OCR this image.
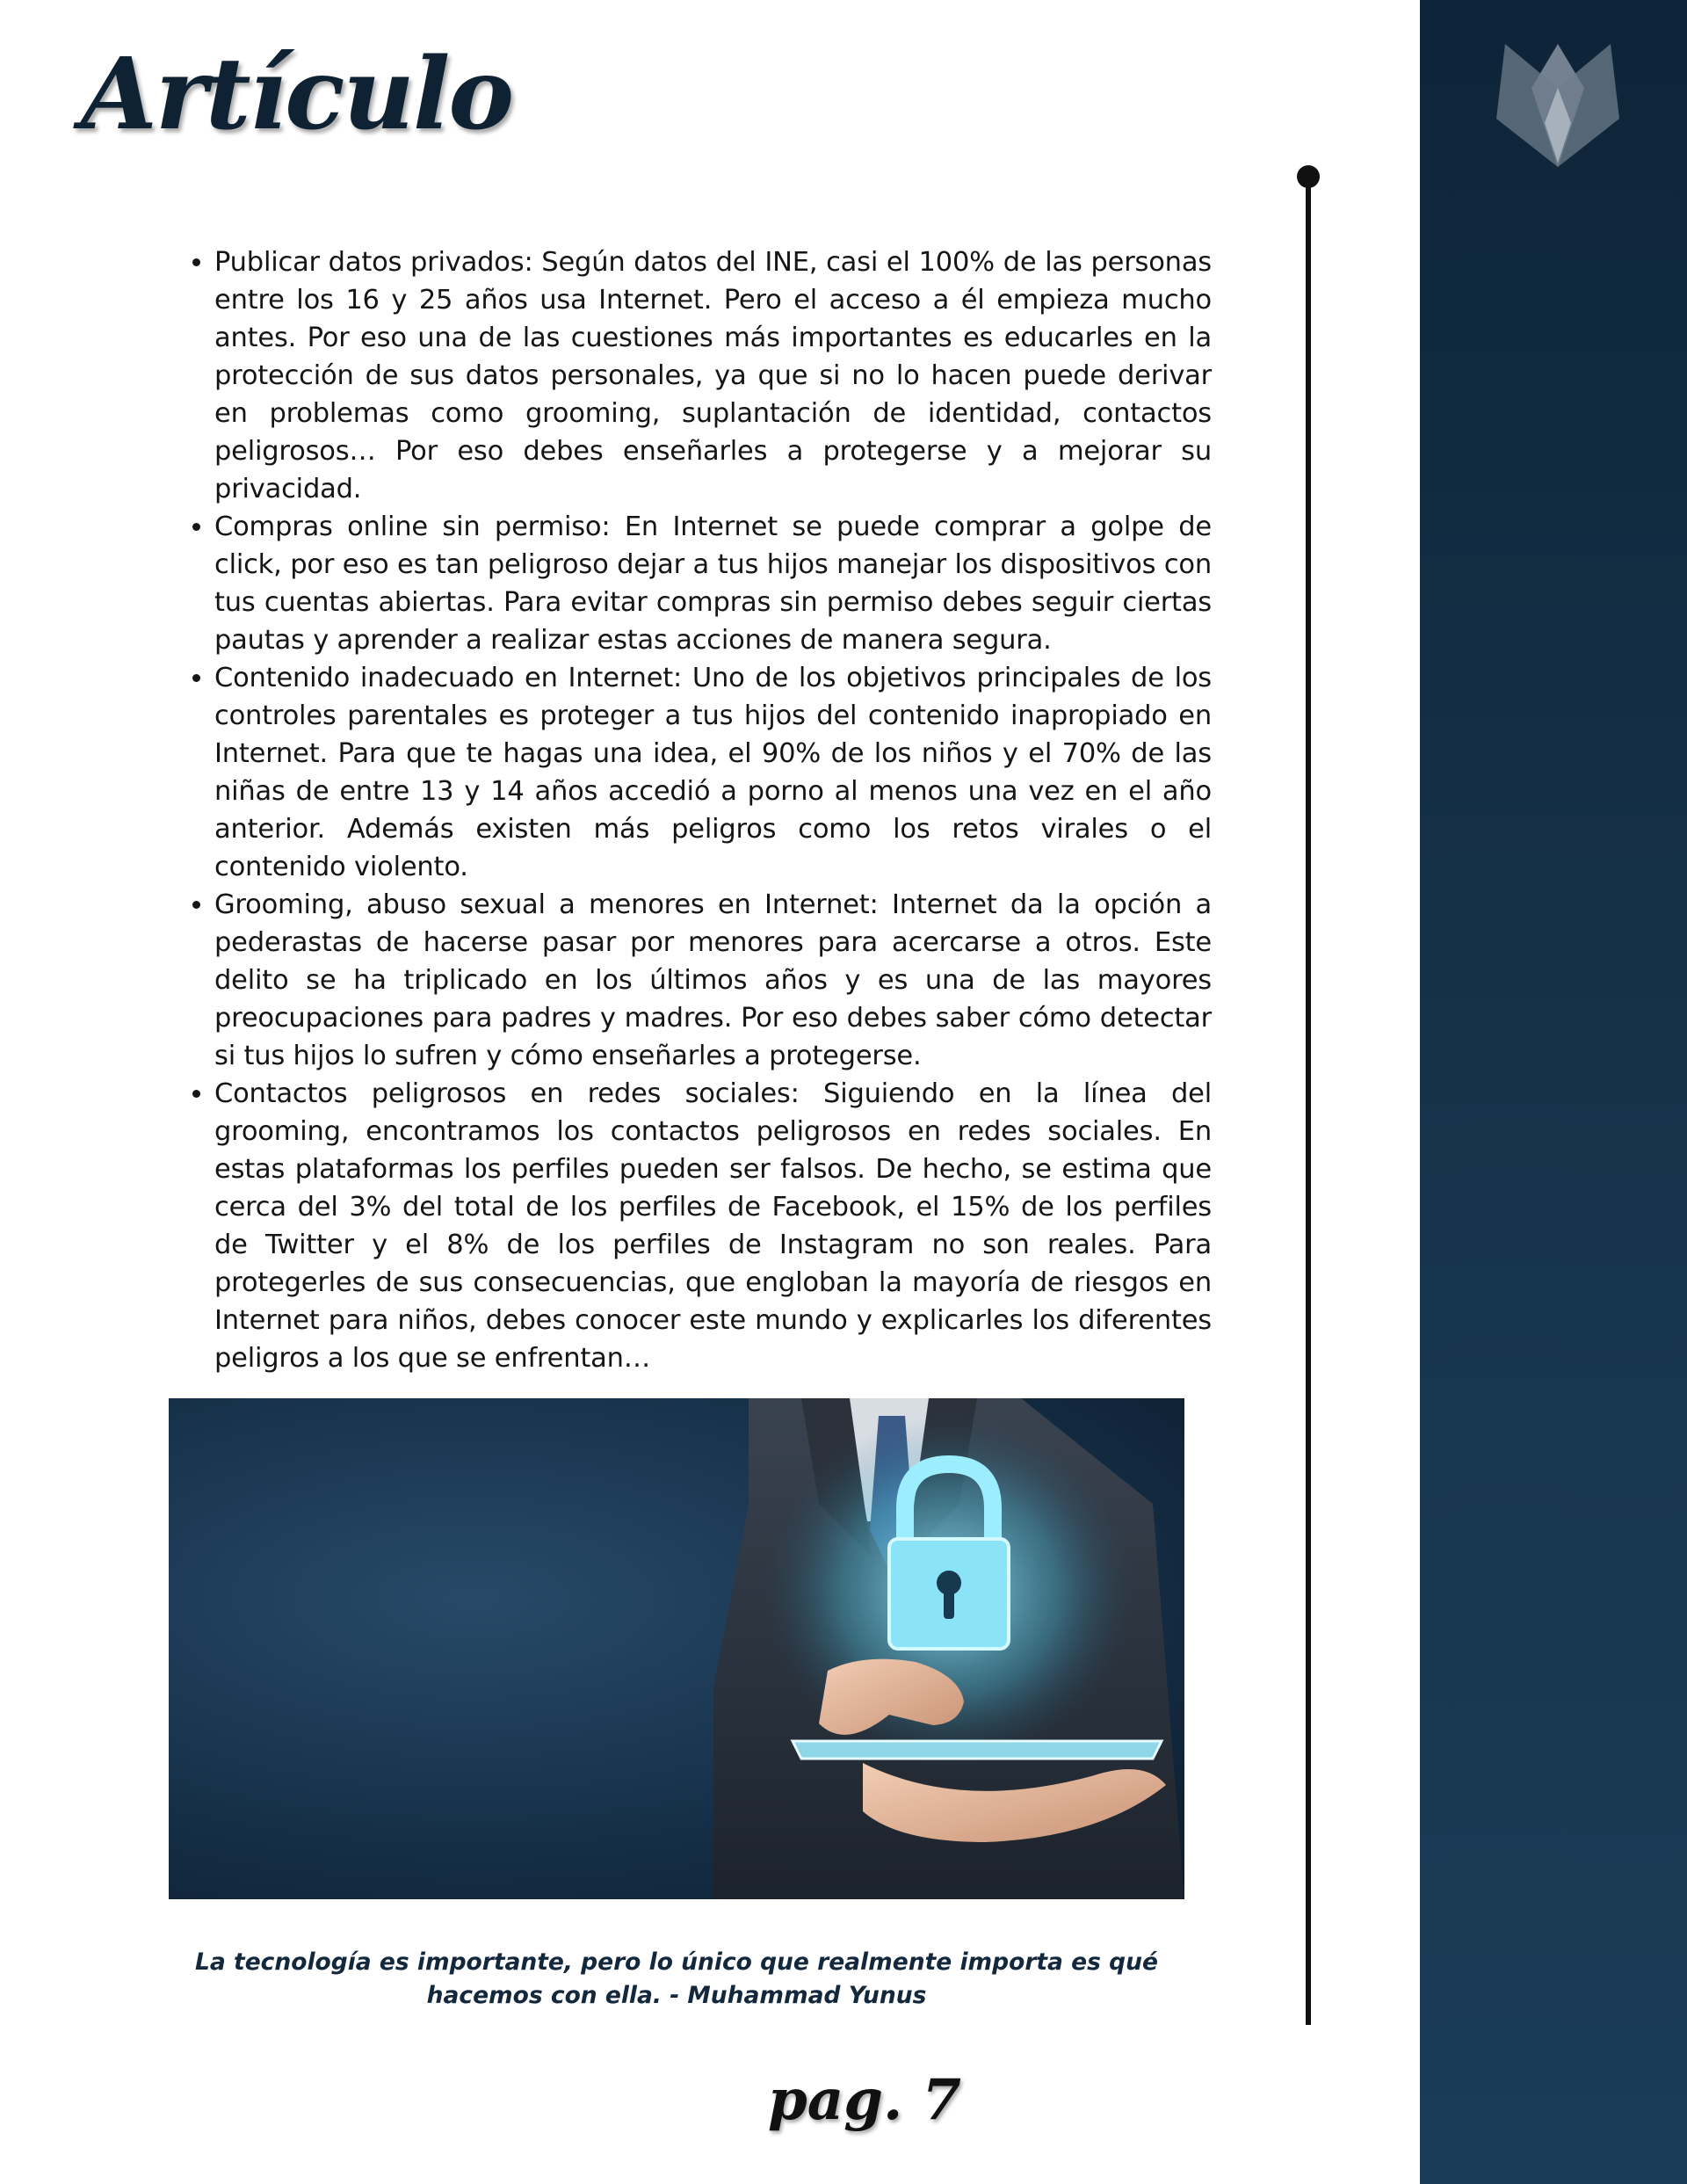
Artículo
• Publicar datos privados: Según datos del INE, casi el 100% de las personas entre los 16 y 25 años usa Internet. Pero el acceso a él empieza mucho antes. Por eso una de las cuestiones más importantes es educarles en la protección de sus datos personales, ya que si no lo hacen puede derivar en problemas como grooming, suplantación de identidad, contactos peligrosos… Por eso debes enseñarles a protegerse y a mejorar su privacidad.
• Compras online sin permiso: En Internet se puede comprar a golpe de click, por eso es tan peligroso dejar a tus hijos manejar los dispositivos con tus cuentas abiertas. Para evitar compras sin permiso debes seguir ciertas pautas y aprender a realizar estas acciones de manera segura.
• Contenido inadecuado en Internet: Uno de los objetivos principales de los controles parentales es proteger a tus hijos del contenido inapropiado en Internet. Para que te hagas una idea, el 90% de los niños y el 70% de las niñas de entre 13 y 14 años accedió a porno al menos una vez en el año anterior. Además existen más peligros como los retos virales o el contenido violento.
• Grooming, abuso sexual a menores en Internet: Internet da la opción a pederastas de hacerse pasar por menores para acercarse a otros. Este delito se ha triplicado en los últimos años y es una de las mayores preocupaciones para padres y madres. Por eso debes saber cómo detectar si tus hijos lo sufren y cómo enseñarles a protegerse.
• Contactos peligrosos en redes sociales: Siguiendo en la línea del grooming, encontramos los contactos peligrosos en redes sociales. En estas plataformas los perfiles pueden ser falsos. De hecho, se estima que cerca del 3% del total de los perfiles de Facebook, el 15% de los perfiles de Twitter y el 8% de los perfiles de Instagram no son reales. Para protegerles de sus consecuencias, que engloban la mayoría de riesgos en Internet para niños, debes conocer este mundo y explicarles los diferentes peligros a los que se enfrentan…

La tecnología es importante, pero lo único que realmente importa es qué hacemos con ella. - Muhammad Yunus

pag. 7
